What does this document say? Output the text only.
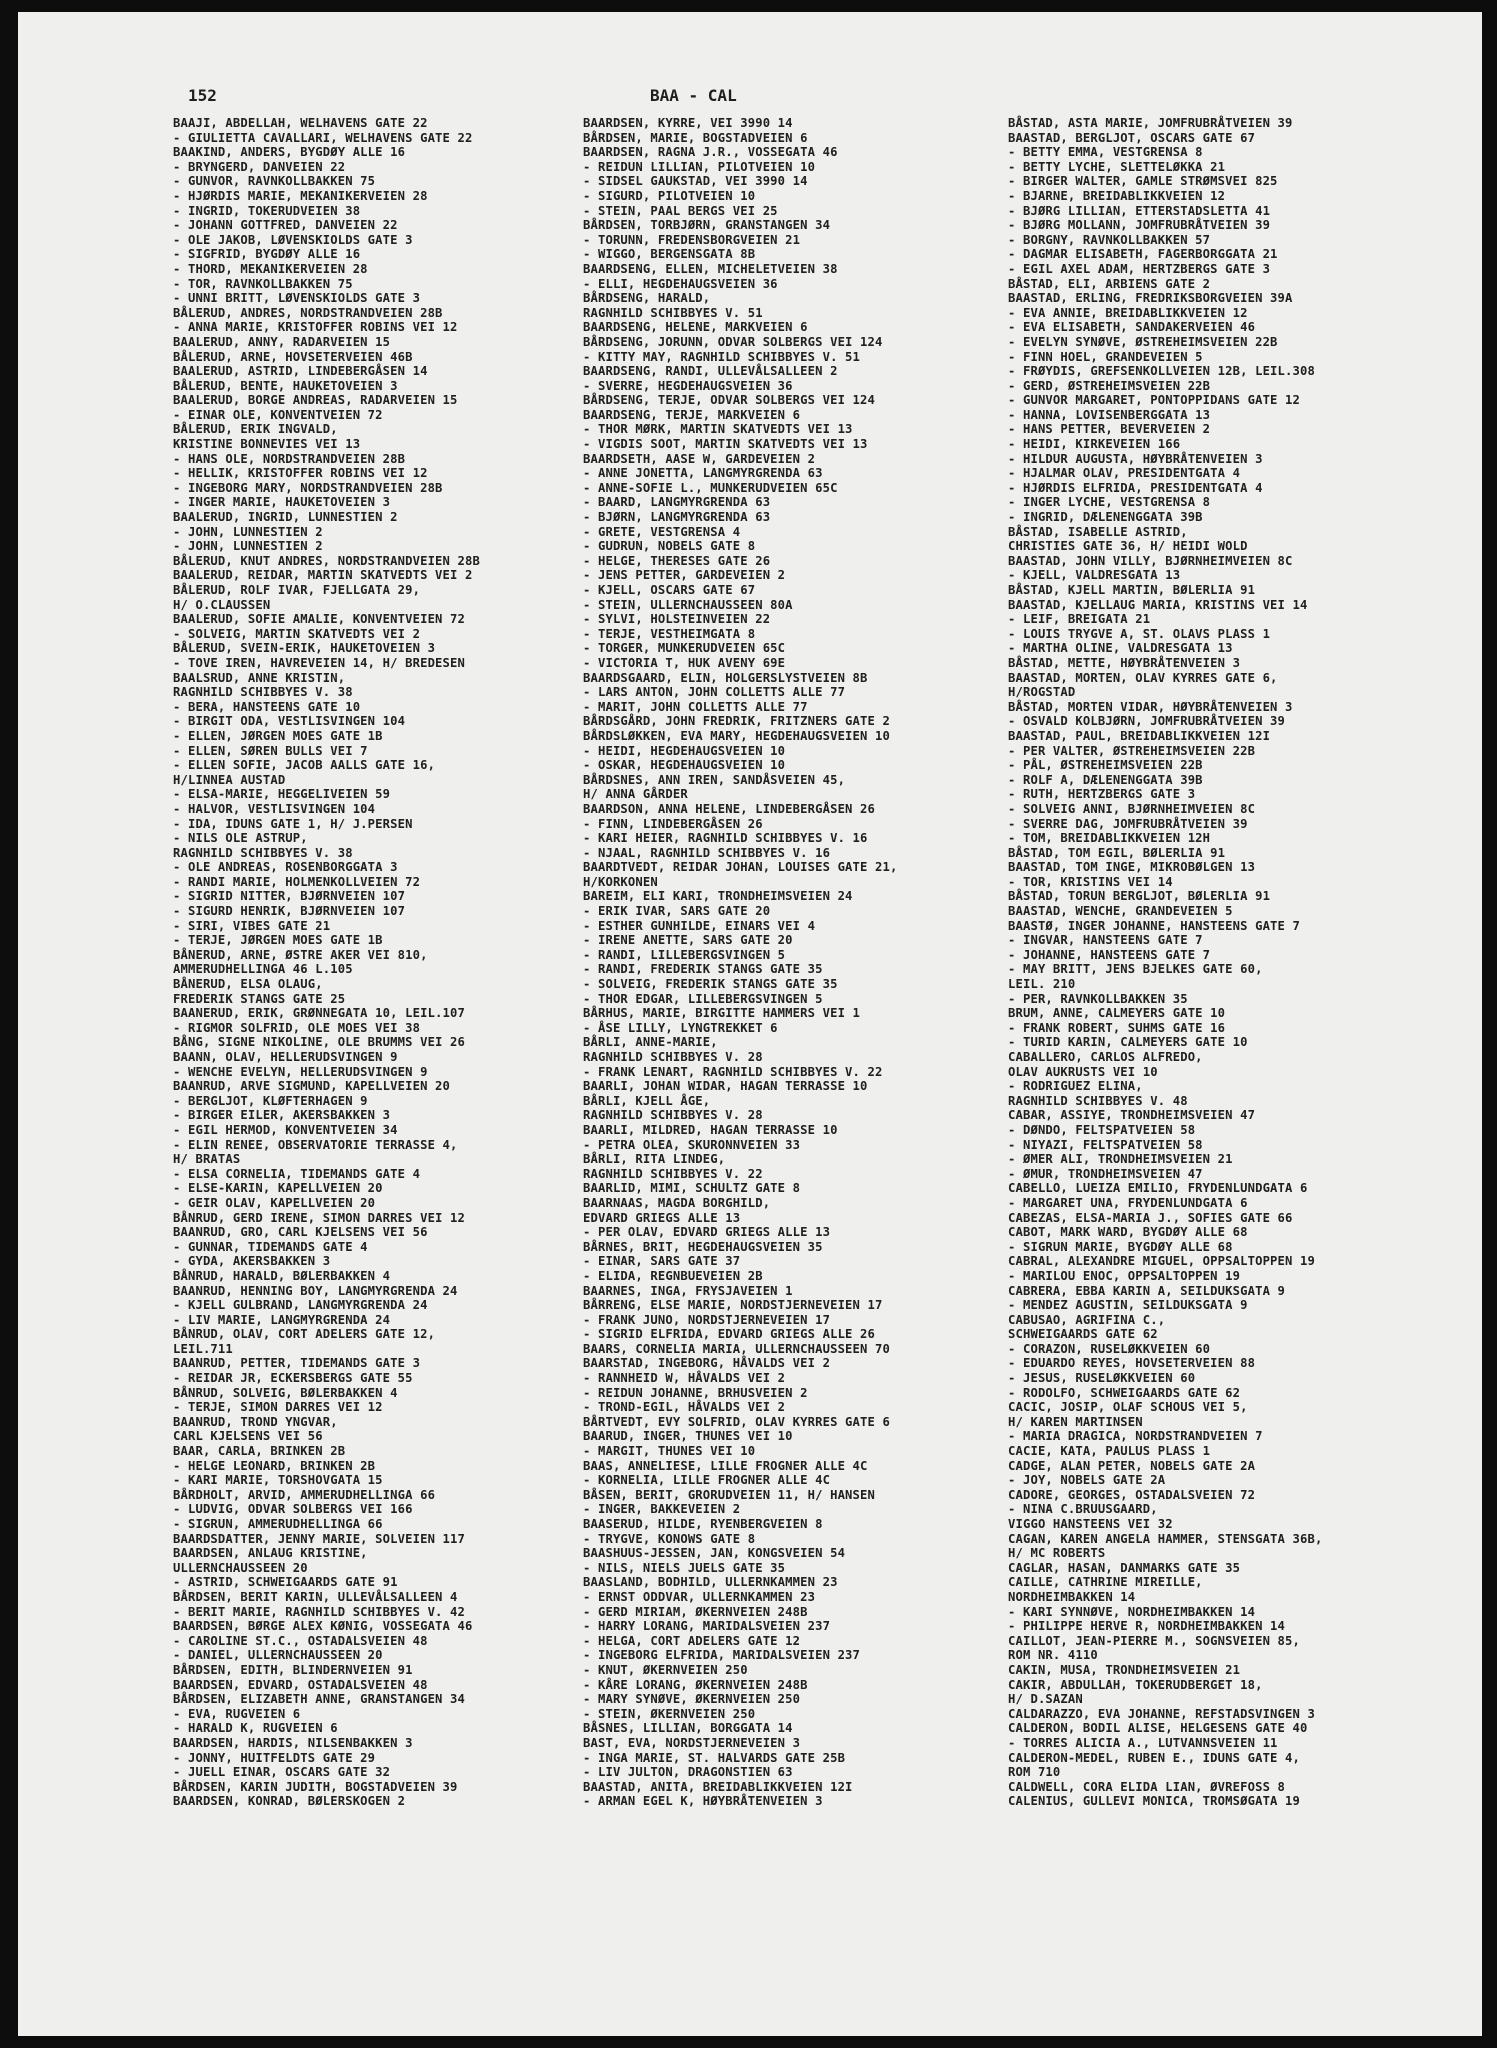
152	BAA - CAL
BAAJI, ABDELLAH, WELHAVENS GATE 22
- GIULIETTA CAVALLARI, WELHAVENS GATE 22
BAAKIND, ANDERS, BYGDØY ALLE 16
- BRYNGERD, DANVEIEN 22
- GUNVOR, RAVNKOLLBAKKEN 75
- HJØRDIS MARIE, MEKANIKERVEIEN 28
- INGRID, TOKERUDVEIEN 38
- JOHANN GOTTFRED, DANVEIEN 22
- OLE JAKOB, LØVENSKIOLDS GATE 3
- SIGFRID, BYGDØY ALLE 16
- THORD, MEKANIKERVEIEN 28
- TOR, RAVNKOLLBAKKEN 75
- UNNI BRITT, LØVENSKIOLDS GATE 3
BÅLERUD, ANDRES, NORDSTRANDVEIEN 28B
- ANNA MARIE, KRISTOFFER ROBINS VEI 12
BAALERUD, ANNY, RADARVEIEN 15
BÅLERUD, ARNE, HOVSETERVEIEN 46B
BAALERUD, ASTRID, LINDEBERGÅSEN 14
BÅLERUD, BENTE, HAUKETOVEIEN 3
BAALERUD, BORGE ANDREAS, RADARVEIEN 15
- EINAR OLE, KONVENTVEIEN 72
BÅLERUD, ERIK INGVALD,
KRISTINE BONNEVIES VEI 13
- HANS OLE, NORDSTRANDVEIEN 28B
- HELLIK, KRISTOFFER ROBINS VEI 12
- INGEBORG MARY, NORDSTRANDVEIEN 28B
- INGER MARIE, HAUKETOVEIEN 3
BAALERUD, INGRID, LUNNESTIEN 2
- JOHN, LUNNESTIEN 2
- JOHN, LUNNESTIEN 2
BÅLERUD, KNUT ANDRES, NORDSTRANDVEIEN 28B
BAALERUD, REIDAR, MARTIN SKATVEDTS VEI 2
BÅLERUD, ROLF IVAR, FJELLGATA 29,
H/ O.CLAUSSEN
BAALERUD, SOFIE AMALIE, KONVENTVEIEN 72
- SOLVEIG, MARTIN SKATVEDTS VEI 2
BÅLERUD, SVEIN-ERIK, HAUKETOVEIEN 3
- TOVE IREN, HAVREVEIEN 14, H/ BREDESEN
BAALSRUD, ANNE KRISTIN,
RAGNHILD SCHIBBYES V. 38
- BERA, HANSTEENS GATE 10
- BIRGIT ODA, VESTLISVINGEN 104
- ELLEN, JØRGEN MOES GATE 1B
- ELLEN, SØREN BULLS VEI 7
- ELLEN SOFIE, JACOB AALLS GATE 16,
H/LINNEA AUSTAD
- ELSA-MARIE, HEGGELIVEIEN 59
- HALVOR, VESTLISVINGEN 104
- IDA, IDUNS GATE 1, H/ J.PERSEN
- NILS OLE ASTRUP,
RAGNHILD SCHIBBYES V. 38
- OLE ANDREAS, ROSENBORGGATA 3
- RANDI MARIE, HOLMENKOLLVEIEN 72
- SIGRID NITTER, BJØRNVEIEN 107
- SIGURD HENRIK, BJØRNVEIEN 107
- SIRI, VIBES GATE 21
- TERJE, JØRGEN MOES GATE 1B
BÅNERUD, ARNE, ØSTRE AKER VEI 810,
AMMERUDHELLINGA 46 L.105
BÅNERUD, ELSA OLAUG,
FREDERIK STANGS GATE 25
BAANERUD, ERIK, GRØNNEGATA 10, LEIL.107
- RIGMOR SOLFRID, OLE MOES VEI 38
BÅNG, SIGNE NIKOLINE, OLE BRUMMS VEI 26
BAANN, OLAV, HELLERUDSVINGEN 9
- WENCHE EVELYN, HELLERUDSVINGEN 9
BAANRUD, ARVE SIGMUND, KAPELLVEIEN 20
- BERGLJOT, KLØFTERHAGEN 9
- BIRGER EILER, AKERSBAKKEN 3
- EGIL HERMOD, KONVENTVEIEN 34
- ELIN RENEE, OBSERVATORIE TERRASSE 4,
H/ BRATAS
- ELSA CORNELIA, TIDEMANDS GATE 4
- ELSE-KARIN, KAPELLVEIEN 20
- GEIR OLAV, KAPELLVEIEN 20
BÅNRUD, GERD IRENE, SIMON DARRES VEI 12
BAANRUD, GRO, CARL KJELSENS VEI 56
- GUNNAR, TIDEMANDS GATE 4
- GYDA, AKERSBAKKEN 3
BÅNRUD, HARALD, BØLERBAKKEN 4
BAANRUD, HENNING BOY, LANGMYRGRENDA 24
- KJELL GULBRAND, LANGMYRGRENDA 24
- LIV MARIE, LANGMYRGRENDA 24
BÅNRUD, OLAV, CORT ADELERS GATE 12,
LEIL.711
BAANRUD, PETTER, TIDEMANDS GATE 3
- REIDAR JR, ECKERSBERGS GATE 55
BÅNRUD, SOLVEIG, BØLERBAKKEN 4
- TERJE, SIMON DARRES VEI 12
BAANRUD, TROND YNGVAR,
CARL KJELSENS VEI 56
BAAR, CARLA, BRINKEN 2B
- HELGE LEONARD, BRINKEN 2B
- KARI MARIE, TORSHOVGATA 15
BÅRDHOLT, ARVID, AMMERUDHELLINGA 66
- LUDVIG, ODVAR SOLBERGS VEI 166
- SIGRUN, AMMERUDHELLINGA 66
BAARDSDATTER, JENNY MARIE, SOLVEIEN 117
BAARDSEN, ANLAUG KRISTINE,
ULLERNCHAUSSEEN 20
- ASTRID, SCHWEIGAARDS GATE 91
BÅRDSEN, BERIT KARIN, ULLEVÅLSALLEEN 4
- BERIT MARIE, RAGNHILD SCHIBBYES V. 42
BAARDSEN, BØRGE ALEX KØNIG, VOSSEGATA 46
- CAROLINE ST.C., OSTADALSVEIEN 48
- DANIEL, ULLERNCHAUSSEEN 20
BÅRDSEN, EDITH, BLINDERNVEIEN 91
BAARDSEN, EDVARD, OSTADALSVEIEN 48
BÅRDSEN, ELIZABETH ANNE, GRANSTANGEN 34
- EVA, RUGVEIEN 6
- HARALD K, RUGVEIEN 6
BAARDSEN, HARDIS, NILSENBAKKEN 3
- JONNY, HUITFELDTS GATE 29
- JUELL EINAR, OSCARS GATE 32
BÅRDSEN, KARIN JUDITH, BOGSTADVEIEN 39
BAARDSEN, KONRAD, BØLERSKOGEN 2
BAARDSEN, KYRRE, VEI 3990 14
BÅRDSEN, MARIE, BOGSTADVEIEN 6
BAARDSEN, RAGNA J.R., VOSSEGATA 46
- REIDUN LILLIAN, PILOTVEIEN 10
- SIDSEL GAUKSTAD, VEI 3990 14
- SIGURD, PILOTVEIEN 10
- STEIN, PAAL BERGS VEI 25
BÅRDSEN, TORBJØRN, GRANSTANGEN 34
- TORUNN, FREDENSBORGVEIEN 21
- WIGGO, BERGENSGATA 8B
BAARDSENG, ELLEN, MICHELETVEIEN 38
- ELLI, HEGDEHAUGSVEIEN 36
BÅRDSENG, HARALD,
RAGNHILD SCHIBBYES V. 51
BAARDSENG, HELENE, MARKVEIEN 6
BÅRDSENG, JORUNN, ODVAR SOLBERGS VEI 124
- KITTY MAY, RAGNHILD SCHIBBYES V. 51
BAARDSENG, RANDI, ULLEVÅLSALLEEN 2
- SVERRE, HEGDEHAUGSVEIEN 36
BÅRDSENG, TERJE, ODVAR SOLBERGS VEI 124
BAARDSENG, TERJE, MARKVEIEN 6
- THOR MØRK, MARTIN SKATVEDTS VEI 13
- VIGDIS SOOT, MARTIN SKATVEDTS VEI 13
BAARDSETH, AASE W, GARDEVEIEN 2
- ANNE JONETTA, LANGMYRGRENDA 63
- ANNE-SOFIE L., MUNKERUDVEIEN 65C
- BAARD, LANGMYRGRENDA 63
- BJØRN, LANGMYRGRENDA 63
- GRETE, VESTGRENSA 4
- GUDRUN, NOBELS GATE 8
- HELGE, THERESES GATE 26
- JENS PETTER, GARDEVEIEN 2
- KJELL, OSCARS GATE 67
- STEIN, ULLERNCHAUSSEEN 80A
- SYLVI, HOLSTEINVEIEN 22
- TERJE, VESTHEIMGATA 8
- TORGER, MUNKERUDVEIEN 65C
- VICTORIA T, HUK AVENY 69E
BAARDSGAARD, ELIN, HOLGERSLYSTVEIEN 8B
- LARS ANTON, JOHN COLLETTS ALLE 77
- MARIT, JOHN COLLETTS ALLE 77
BÅRDSGÅRD, JOHN FREDRIK, FRITZNERS GATE 2
BÅRDSLØKKEN, EVA MARY, HEGDEHAUGSVEIEN 10
- HEIDI, HEGDEHAUGSVEIEN 10
- OSKAR, HEGDEHAUGSVEIEN 10
BÅRDSNES, ANN IREN, SANDÅSVEIEN 45,
H/ ANNA GÅRDER
BAARDSON, ANNA HELENE, LINDEBERGÅSEN 26
- FINN, LINDEBERGÅSEN 26
- KARI HEIER, RAGNHILD SCHIBBYES V. 16
- NJAAL, RAGNHILD SCHIBBYES V. 16
BAARDTVEDT, REIDAR JOHAN, LOUISES GATE 21,
H/KORKONEN
BAREIM, ELI KARI, TRONDHEIMSVEIEN 24
- ERIK IVAR, SARS GATE 20
- ESTHER GUNHILDE, EINARS VEI 4
- IRENE ANETTE, SARS GATE 20
- RANDI, LILLEBERGSVINGEN 5
- RANDI, FREDERIK STANGS GATE 35
- SOLVEIG, FREDERIK STANGS GATE 35
- THOR EDGAR, LILLEBERGSVINGEN 5
BÅRHUS, MARIE, BIRGITTE HAMMERS VEI 1
- ÅSE LILLY, LYNGTREKKET 6
BÅRLI, ANNE-MARIE,
RAGNHILD SCHIBBYES V. 28
- FRANK LENART, RAGNHILD SCHIBBYES V. 22
BAARLI, JOHAN WIDAR, HAGAN TERRASSE 10
BÅRLI, KJELL ÅGE,
RAGNHILD SCHIBBYES V. 28
BAARLI, MILDRED, HAGAN TERRASSE 10
- PETRA OLEA, SKURONNVEIEN 33
BÅRLI, RITA LINDEG,
RAGNHILD SCHIBBYES V. 22
BAARLID, MIMI, SCHULTZ GATE 8
BAARNAAS, MAGDA BORGHILD,
EDVARD GRIEGS ALLE 13
- PER OLAV, EDVARD GRIEGS ALLE 13
BÅRNES, BRIT, HEGDEHAUGSVEIEN 35
- EINAR, SARS GATE 37
- ELIDA, REGNBUEVEIEN 2B
BAARNES, INGA, FRYSJAVEIEN 1
BÅRRENG, ELSE MARIE, NORDSTJERNEVEIEN 17
- FRANK JUNO, NORDSTJERNEVEIEN 17
- SIGRID ELFRIDA, EDVARD GRIEGS ALLE 26
BAARS, CORNELIA MARIA, ULLERNCHAUSSEEN 70
BAARSTAD, INGEBORG, HÅVALDS VEI 2
- RANNHEID W, HÅVALDS VEI 2
- REIDUN JOHANNE, BRHUSVEIEN 2
- TROND-EGIL, HÅVALDS VEI 2
BÅRTVEDT, EVY SOLFRID, OLAV KYRRES GATE 6
BAARUD, INGER, THUNES VEI 10
- MARGIT, THUNES VEI 10
BAAS, ANNELIESE, LILLE FROGNER ALLE 4C
- KORNELIA, LILLE FROGNER ALLE 4C
BÅSEN, BERIT, GRORUDVEIEN 11, H/ HANSEN
- INGER, BAKKEVEIEN 2
BAASERUD, HILDE, RYENBERGVEIEN 8
- TRYGVE, KONOWS GATE 8
BAASHUUS-JESSEN, JAN, KONGSVEIEN 54
- NILS, NIELS JUELS GATE 35
BAASLAND, BODHILD, ULLERNKAMMEN 23
- ERNST ODDVAR, ULLERNKAMMEN 23
- GERD MIRIAM, ØKERNVEIEN 248B
- HARRY LORANG, MARIDALSVEIEN 237
- HELGA, CORT ADELERS GATE 12
- INGEBORG ELFRIDA, MARIDALSVEIEN 237
- KNUT, ØKERNVEIEN 250
- KÅRE LORANG, ØKERNVEIEN 248B
- MARY SYNØVE, ØKERNVEIEN 250
- STEIN, ØKERNVEIEN 250
BÅSNES, LILLIAN, BORGGATA 14
BAST, EVA, NORDSTJERNEVEIEN 3
- INGA MARIE, ST. HALVARDS GATE 25B
- LIV JULTON, DRAGONSTIEN 63
BAASTAD, ANITA, BREIDABLIKKVEIEN 12I
- ARMAN EGEL K, HØYBRÅTENVEIEN 3
BÅSTAD, ASTA MARIE, JOMFRUBRÅTVEIEN 39
BAASTAD, BERGLJOT, OSCARS GATE 67
- BETTY EMMA, VESTGRENSA 8
- BETTY LYCHE, SLETTELØKKA 21
- BIRGER WALTER, GAMLE STRØMSVEI 825
- BJARNE, BREIDABLIKKVEIEN 12
- BJØRG LILLIAN, ETTERSTADSLETTA 41
- BJØRG MOLLANN, JOMFRUBRÅTVEIEN 39
- BORGNY, RAVNKOLLBAKKEN 57
- DAGMAR ELISABETH, FAGERBORGGATA 21
- EGIL AXEL ADAM, HERTZBERGS GATE 3
BÅSTAD, ELI, ARBIENS GATE 2
BAASTAD, ERLING, FREDRIKSBORGVEIEN 39A
- EVA ANNIE, BREIDABLIKKVEIEN 12
- EVA ELISABETH, SANDAKERVEIEN 46
- EVELYN SYNØVE, ØSTREHEIMSVEIEN 22B
- FINN HOEL, GRANDEVEIEN 5
- FRØYDIS, GREFSENKOLLVEIEN 12B, LEIL.308
- GERD, ØSTREHEIMSVEIEN 22B
- GUNVOR MARGARET, PONTOPPIDANS GATE 12
- HANNA, LOVISENBERGGATA 13
- HANS PETTER, BEVERVEIEN 2
- HEIDI, KIRKEVEIEN 166
- HILDUR AUGUSTA, HØYBRÅTENVEIEN 3
- HJALMAR OLAV, PRESIDENTGATA 4
- HJØRDIS ELFRIDA, PRESIDENTGATA 4
- INGER LYCHE, VESTGRENSA 8
- INGRID, DÆLENENGGATA 39B
BÅSTAD, ISABELLE ASTRID,
CHRISTIES GATE 36, H/ HEIDI WOLD
BAASTAD, JOHN VILLY, BJØRNHEIMVEIEN 8C
- KJELL, VALDRESGATA 13
BÅSTAD, KJELL MARTIN, BØLERLIA 91
BAASTAD, KJELLAUG MARIA, KRISTINS VEI 14
- LEIF, BREIGATA 21
- LOUIS TRYGVE A, ST. OLAVS PLASS 1
- MARTHA OLINE, VALDRESGATA 13
BÅSTAD, METTE, HØYBRÅTENVEIEN 3
BAASTAD, MORTEN, OLAV KYRRES GATE 6,
H/ROGSTAD
BÅSTAD, MORTEN VIDAR, HØYBRÅTENVEIEN 3
- OSVALD KOLBJØRN, JOMFRUBRÅTVEIEN 39
BAASTAD, PAUL, BREIDABLIKKVEIEN 12I
- PER VALTER, ØSTREHEIMSVEIEN 22B
- PÅL, ØSTREHEIMSVEIEN 22B
- ROLF A, DÆLENENGGATA 39B
- RUTH, HERTZBERGS GATE 3
- SOLVEIG ANNI, BJØRNHEIMVEIEN 8C
- SVERRE DAG, JOMFRUBRÅTVEIEN 39
- TOM, BREIDABLIKKVEIEN 12H
BÅSTAD, TOM EGIL, BØLERLIA 91
BAASTAD, TOM INGE, MIKROBØLGEN 13
- TOR, KRISTINS VEI 14
BÅSTAD, TORUN BERGLJOT, BØLERLIA 91
BAASTAD, WENCHE, GRANDEVEIEN 5
BAASTØ, INGER JOHANNE, HANSTEENS GATE 7
- INGVAR, HANSTEENS GATE 7
- JOHANNE, HANSTEENS GATE 7
- MAY BRITT, JENS BJELKES GATE 60,
LEIL. 210
- PER, RAVNKOLLBAKKEN 35
BRUM, ANNE, CALMEYERS GATE 10
- FRANK ROBERT, SUHMS GATE 16
- TURID KARIN, CALMEYERS GATE 10
CABALLERO, CARLOS ALFREDO,
OLAV AUKRUSTS VEI 10
- RODRIGUEZ ELINA,
RAGNHILD SCHIBBYES V. 48
CABAR, ASSIYE, TRONDHEIMSVEIEN 47
- DØNDO, FELTSPATVEIEN 58
- NIYAZI, FELTSPATVEIEN 58
- ØMER ALI, TRONDHEIMSVEIEN 21
- ØMUR, TRONDHEIMSVEIEN 47
CABELLO, LUEIZA EMILIO, FRYDENLUNDGATA 6
- MARGARET UNA, FRYDENLUNDGATA 6
CABEZAS, ELSA-MARIA J., SOFIES GATE 66
CABOT, MARK WARD, BYGDØY ALLE 68
- SIGRUN MARIE, BYGDØY ALLE 68
CABRAL, ALEXANDRE MIGUEL, OPPSALTOPPEN 19
- MARILOU ENOC, OPPSALTOPPEN 19
CABRERA, EBBA KARIN A, SEILDUKSGATA 9
- MENDEZ AGUSTIN, SEILDUKSGATA 9
CABUSAO, AGRIFINA C.,
SCHWEIGAARDS GATE 62
- CORAZON, RUSELØKKVEIEN 60
- EDUARDO REYES, HOVSETERVEIEN 88
- JESUS, RUSELØKKVEIEN 60
- RODOLFO, SCHWEIGAARDS GATE 62
CACIC, JOSIP, OLAF SCHOUS VEI 5,
H/ KAREN MARTINSEN
- MARIA DRAGICA, NORDSTRANDVEIEN 7
CACIE, KATA, PAULUS PLASS 1
CADGE, ALAN PETER, NOBELS GATE 2A
- JOY, NOBELS GATE 2A
CADORE, GEORGES, OSTADALSVEIEN 72
- NINA C.BRUUSGAARD,
VIGGO HANSTEENS VEI 32
CAGAN, KAREN ANGELA HAMMER, STENSGATA 36B,
H/ MC ROBERTS
CAGLAR, HASAN, DANMARKS GATE 35
CAILLE, CATHRINE MIREILLE,
NORDHEIMBAKKEN 14
- KARI SYNNØVE, NORDHEIMBAKKEN 14
- PHILIPPE HERVE R, NORDHEIMBAKKEN 14
CAILLOT, JEAN-PIERRE M., SOGNSVEIEN 85,
ROM NR. 4110
CAKIN, MUSA, TRONDHEIMSVEIEN 21
CAKIR, ABDULLAH, TOKERUDBERGET 18,
H/ D.SAZAN
CALDARAZZO, EVA JOHANNE, REFSTADSVINGEN 3
CALDERON, BODIL ALISE, HELGESENS GATE 40
- TORRES ALICIA A., LUTVANNSVEIEN 11
CALDERON-MEDEL, RUBEN E., IDUNS GATE 4,
ROM 710
CALDWELL, CORA ELIDA LIAN, ØVREFOSS 8
CALENIUS, GULLEVI MONICA, TROMSØGATA 19
